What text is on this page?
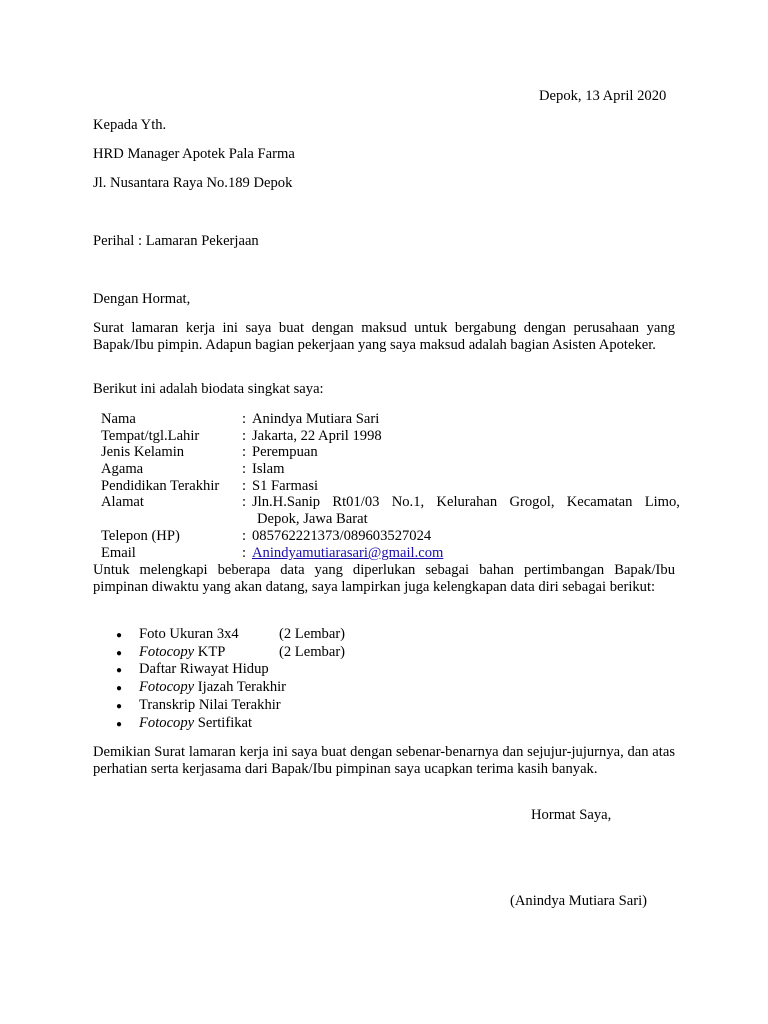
Depok, 13 April 2020
Kepada Yth.
HRD Manager Apotek Pala Farma
Jl. Nusantara Raya No.189 Depok
Perihal : Lamaran Pekerjaan
Dengan Hormat,
Surat lamaran kerja ini saya buat dengan maksud untuk bergabung dengan perusahaan yang Bapak/Ibu pimpin. Adapun bagian pekerjaan yang saya maksud adalah bagian Asisten Apoteker.
Berikut ini adalah biodata singkat saya:
Nama	: Anindya Mutiara Sari
Tempat/tgl.Lahir	: Jakarta, 22 April 1998
Jenis Kelamin	: Perempuan
Agama	: Islam
Pendidikan Terakhir : S1 Farmasi
Alamat	: Jln.H.Sanip Rt01/03 No.1, Kelurahan Grogol, Kecamatan Limo,
Depok, Jawa Barat
Telepon (HP)	: 085762221373/089603527024
Email	: Anindyamutiarasari@gmail.com
Untuk melengkapi beberapa data yang diperlukan sebagai bahan pertimbangan Bapak/Ibu pimpinan diwaktu yang akan datang, saya lampirkan juga kelengkapan data diri sebagai berikut:
● Foto Ukuran 3x4	(2 Lembar)
● Fotocopy KTP	(2 Lembar)
● Daftar Riwayat Hidup
● Fotocopy Ijazah Terakhir
● Transkrip Nilai Terakhir
● Fotocopy Sertifikat
Demikian Surat lamaran kerja ini saya buat dengan sebenar-benarnya dan sejujur-jujurnya, dan atas perhatian serta kerjasama dari Bapak/Ibu pimpinan saya ucapkan terima kasih banyak.
Hormat Saya,
(Anindya Mutiara Sari)
